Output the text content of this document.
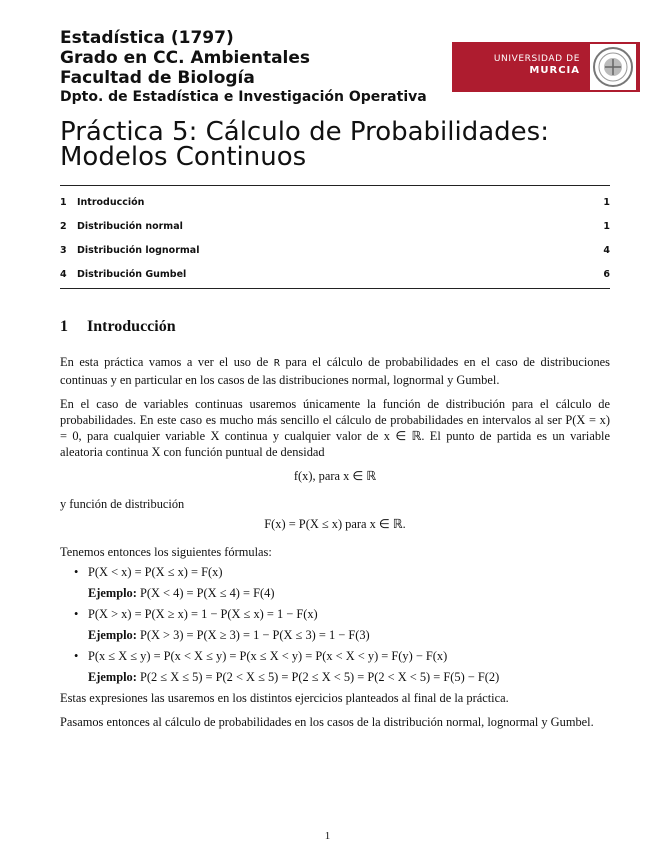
Estadística (1797)
Grado en CC. Ambientales
Facultad de Biología
Dpto. de Estadística e Investigación Operativa
UNIVERSIDAD DE
MURCIA
Práctica 5: Cálculo de Probabilidades:
Modelos Continuos
1 Introducción	1
2 Distribución normal	1
3 Distribución lognormal	4
4 Distribución Gumbel	6
1 Introducción

En esta práctica vamos a ver el uso de R para el cálculo de probabilidades en el caso de distribuciones continuas y en particular en los casos de las distribuciones normal, lognormal y Gumbel.

En el caso de variables continuas usaremos únicamente la función de distribución para el cálculo de probabilidades. En este caso es mucho más sencillo el cálculo de probabilidades en intervalos al ser P(X = x) = 0, para cualquier variable X continua y cualquier valor de x ∈ ℝ. El punto de partida es un variable aleatoria continua X con función puntual de densidad

f(x), para x ∈ ℝ

y función de distribución

F(x) = P(X ≤ x) para x ∈ ℝ.

Tenemos entonces los siguientes fórmulas:

• P(X < x) = P(X ≤ x) = F(x)
Ejemplo: P(X < 4) = P(X ≤ 4) = F(4)
• P(X > x) = P(X ≥ x) = 1 − P(X ≤ x) = 1 − F(x)
Ejemplo: P(X > 3) = P(X ≥ 3) = 1 − P(X ≤ 3) = 1 − F(3)
• P(x ≤ X ≤ y) = P(x < X ≤ y) = P(x ≤ X < y) = P(x < X < y) = F(y) − F(x)
Ejemplo: P(2 ≤ X ≤ 5) = P(2 < X ≤ 5) = P(2 ≤ X < 5) = P(2 < X < 5) = F(5) − F(2)

Estas expresiones las usaremos en los distintos ejercicios planteados al final de la práctica.

Pasamos entonces al cálculo de probabilidades en los casos de la distribución normal, lognormal y Gumbel.

1
